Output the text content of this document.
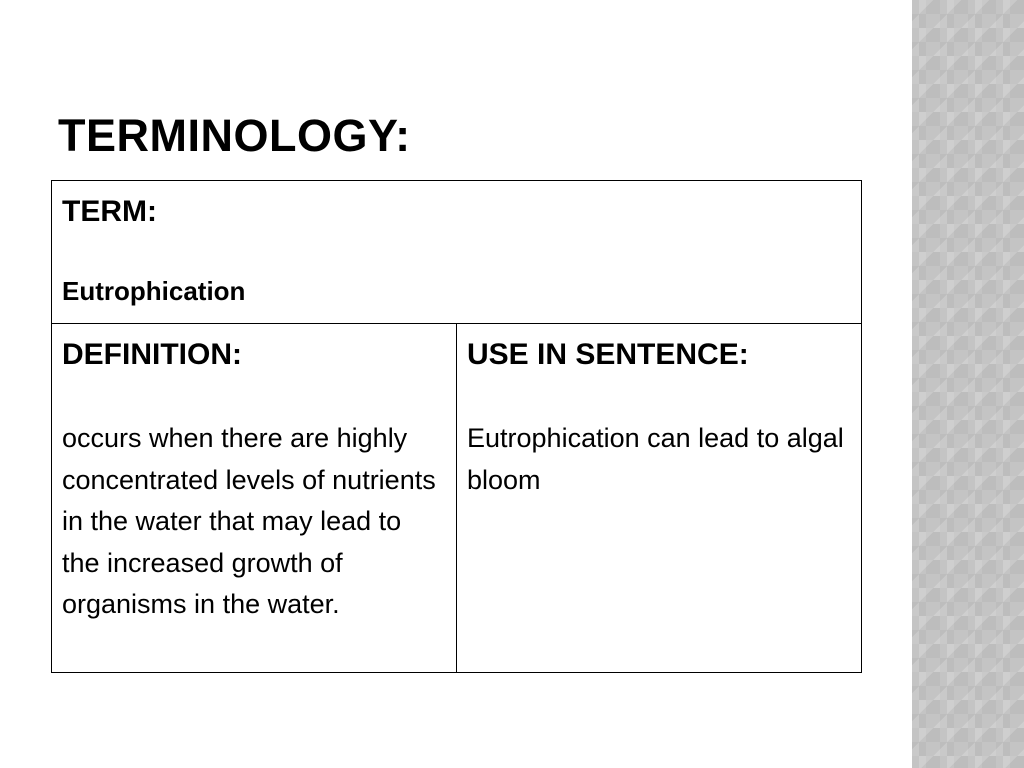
TERMINOLOGY:
TERM:
Eutrophication

DEFINITION:
occurs when there are highly concentrated levels of nutrients in the water that may lead to the increased growth of organisms in the water.

USE IN SENTENCE:
Eutrophication can lead to algal bloom
